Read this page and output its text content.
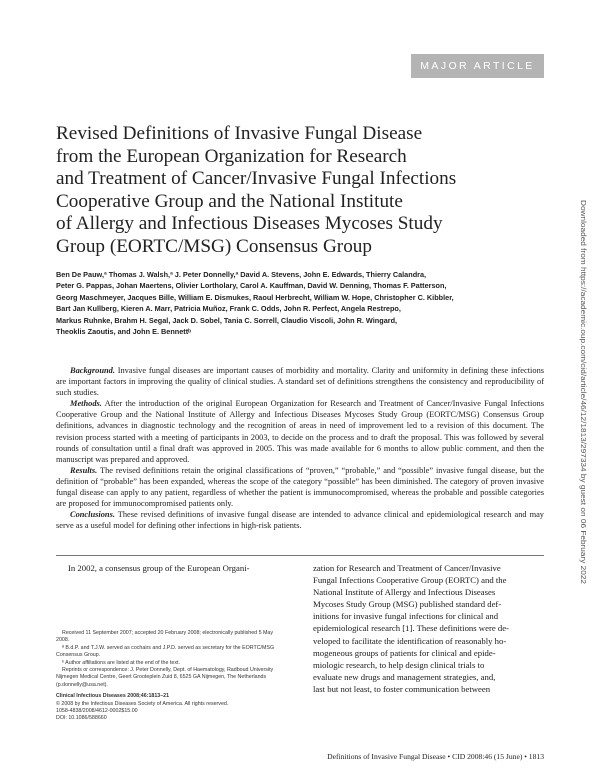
MAJOR ARTICLE
Revised Definitions of Invasive Fungal Disease
from the European Organization for Research
and Treatment of Cancer/Invasive Fungal Infections
Cooperative Group and the National Institute
of Allergy and Infectious Diseases Mycoses Study
Group (EORTC/MSG) Consensus Group
Ben De Pauw,ª Thomas J. Walsh,ª J. Peter Donnelly,ª David A. Stevens, John E. Edwards, Thierry Calandra,
Peter G. Pappas, Johan Maertens, Olivier Lortholary, Carol A. Kauffman, David W. Denning, Thomas F. Patterson,
Georg Maschmeyer, Jacques Bille, William E. Dismukes, Raoul Herbrecht, William W. Hope, Christopher C. Kibbler,
Bart Jan Kullberg, Kieren A. Marr, Patricia Muñoz, Frank C. Odds, John R. Perfect, Angela Restrepo,
Markus Ruhnke, Brahm H. Segal, Jack D. Sobel, Tania C. Sorrell, Claudio Viscoli, John R. Wingard,
Theoklis Zaoutis, and John E. Bennettᵇ

Background. Invasive fungal diseases are important causes of morbidity and mortality. Clarity and uniformity in defining these infections are important factors in improving the quality of clinical studies. A standard set of definitions strengthens the consistency and reproducibility of such studies.

Methods. After the introduction of the original European Organization for Research and Treatment of Cancer/Invasive Fungal Infections Cooperative Group and the National Institute of Allergy and Infectious Diseases Mycoses Study Group (EORTC/MSG) Consensus Group definitions, advances in diagnostic technology and the recognition of areas in need of improvement led to a revision of this document. The revision process started with a meeting of participants in 2003, to decide on the process and to draft the proposal. This was followed by several rounds of consultation until a final draft was approved in 2005. This was made available for 6 months to allow public comment, and then the manuscript was prepared and approved.

Results. The revised definitions retain the original classifications of “proven,” “probable,” and “possible” invasive fungal disease, but the definition of “probable” has been expanded, whereas the scope of the category “possible” has been diminished. The category of proven invasive fungal disease can apply to any patient, regardless of whether the patient is immunocompromised, whereas the probable and possible categories are proposed for immunocompromised patients only.

Conclusions. These revised definitions of invasive fungal disease are intended to advance clinical and epidemiological research and may serve as a useful model for defining other infections in high-risk patients.

In 2002, a consensus group of the European Organi-

Received 11 September 2007; accepted 20 February 2008; electronically published 5 May 2008.
ª B.d.P. and T.J.W. served as cochairs and J.P.D. served as secretary for the EORTC/MSG Consensus Group.
ᵇ Author affiliations are listed at the end of the text.
Reprints or correspondence: J. Peter Donnelly, Dept. of Haematology, Radboud University Nijmegen Medical Centre, Geert Grooteplein Zuid 8, 6525 GA Nijmegen, The Netherlands (p.donnelly@usa.net).
Clinical Infectious Diseases 2008;46:1813–21
© 2008 by the Infectious Diseases Society of America. All rights reserved.
1058-4838/2008/4612-0002$15.00
DOI: 10.1086/588660
zation for Research and Treatment of Cancer/Invasive
Fungal Infections Cooperative Group (EORTC) and the
National Institute of Allergy and Infectious Diseases
Mycoses Study Group (MSG) published standard def-
initions for invasive fungal infections for clinical and
epidemiological research [1]. These definitions were de-
veloped to facilitate the identification of reasonably ho-
mogeneous groups of patients for clinical and epide-
miologic research, to help design clinical trials to
evaluate new drugs and management strategies, and,
last but not least, to foster communication between
Definitions of Invasive Fungal Disease • CID 2008:46 (15 June) • 1813
Downloaded from https://academic.oup.com/cid/article/46/12/1813/297334 by guest on 06 February 2022
